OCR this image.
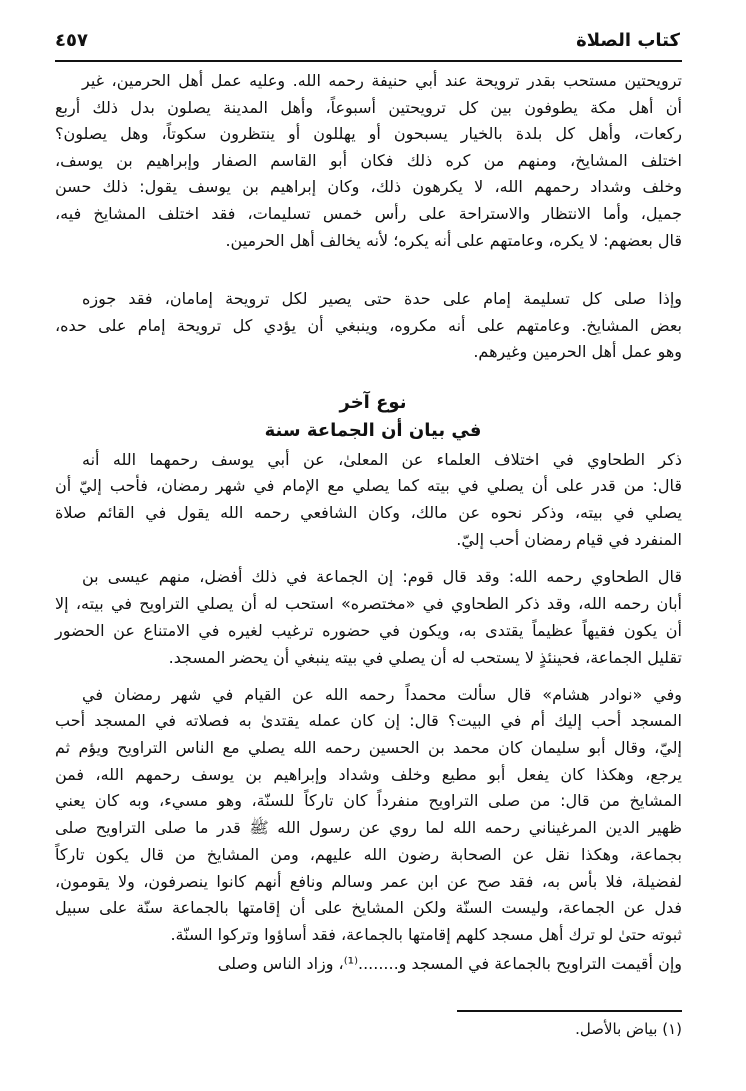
كتاب الصلاة
٤٥٧
ترويحتين مستحب بقدر ترويحة عند أبي حنيفة رحمه الله. وعليه عمل أهل الحرمين، غير
أن أهل مكة يطوفون بين كل ترويحتين أسبوعاً، وأهل المدينة يصلون بدل ذلك أربع
ركعات، وأهل كل بلدة بالخيار يسبحون أو يهللون أو ينتظرون سكوتاً، وهل يصلون؟
اختلف المشايخ، ومنهم من كره ذلك فكان أبو القاسم الصفار وإبراهيم بن يوسف،
وخلف وشداد رحمهم الله، لا يكرهون ذلك، وكان إبراهيم بن يوسف يقول: ذلك حسن
جميل، وأما الانتظار والاستراحة على رأس خمس تسليمات، فقد اختلف المشايخ فيه،
قال بعضهم: لا يكره، وعامتهم على أنه يكره؛ لأنه يخالف أهل الحرمين.
وإذا صلى كل تسليمة إمام على حدة حتى يصير لكل ترويحة إمامان، فقد جوزه
بعض المشايخ. وعامتهم على أنه مكروه، وينبغي أن يؤدي كل ترويحة إمام على حده،
وهو عمل أهل الحرمين وغيرهم.
ذكر الطحاوي في اختلاف العلماء عن المعلىٰ، عن أبي يوسف رحمهما الله أنه
قال: من قدر على أن يصلي في بيته كما يصلي مع الإمام في شهر رمضان، فأحب إليّ أن
يصلي في بيته، وذكر نحوه عن مالك، وكان الشافعي رحمه الله يقول في القائم صلاة
المنفرد في قيام رمضان أحب إليّ.
قال الطحاوي رحمه الله: وقد قال قوم: إن الجماعة في ذلك أفضل، منهم عيسى بن
أبان رحمه الله، وقد ذكر الطحاوي في «مختصره» استحب له أن يصلي التراويح في بيته، إلا
أن يكون فقيهاً عظيماً يقتدى به، ويكون في حضوره ترغيب لغيره في الامتناع عن الحضور
تقليل الجماعة، فحينئذٍ لا يستحب له أن يصلي في بيته ينبغي أن يحضر المسجد.
وفي «نوادر هشام» قال سألت محمداً رحمه الله عن القيام في شهر رمضان في
المسجد أحب إليك أم في البيت؟ قال: إن كان عمله يقتدىٰ به فصلاته في المسجد أحب
إليّ، وقال أبو سليمان كان محمد بن الحسين رحمه الله يصلي مع الناس التراويح ويؤم ثم
يرجع، وهكذا كان يفعل أبو مطيع وخلف وشداد وإبراهيم بن يوسف رحمهم الله، فمن
المشايخ من قال: من صلى التراويح منفرداً كان تاركاً للسنّة، وهو مسيء، وبه كان يعني
ظهير الدين المرغيناني رحمه الله لما روي عن رسول الله ﷺ قدر ما صلى التراويح صلى
بجماعة، وهكذا نقل عن الصحابة رضون الله عليهم، ومن المشايخ من قال يكون تاركاً
لفضيلة، فلا بأس به، فقد صح عن ابن عمر وسالم ونافع أنهم كانوا ينصرفون، ولا يقومون،
فدل عن الجماعة، وليست السنّة ولكن المشايخ على أن إقامتها بالجماعة سنّة على سبيل
ثبوته حتىٰ لو ترك أهل مسجد كلهم إقامتها بالجماعة، فقد أساؤوا وتركوا السنّة.
وإن أقيمت التراويح بالجماعة في المسجد و........⁽¹⁾، وزاد الناس وصلى
نوع آخر
في بيان أن الجماعة سنة
(١) بياض بالأصل.
